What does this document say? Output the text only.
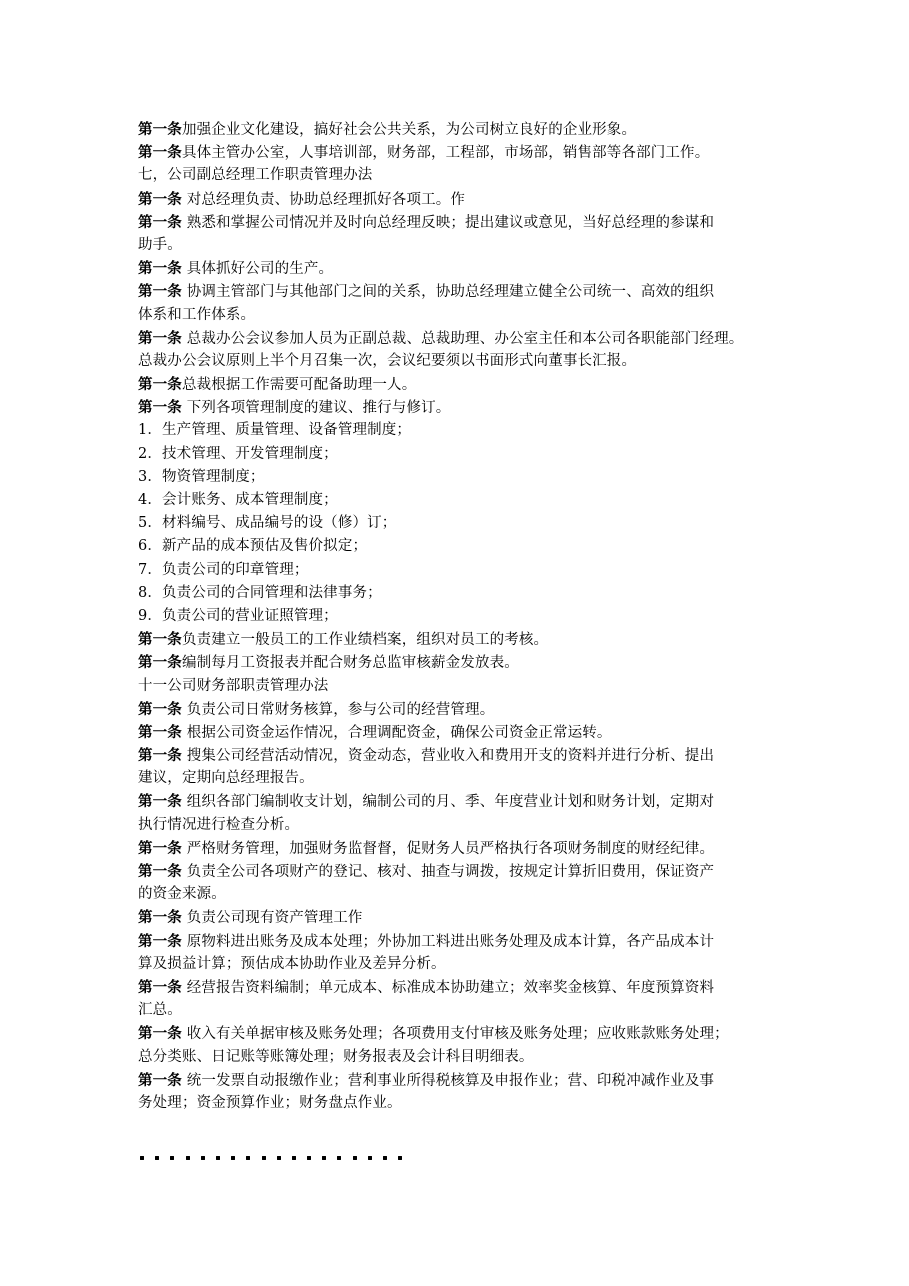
第一条加强企业文化建设，搞好社会公共关系，为公司树立良好的企业形象。
第一条具体主管办公室，人事培训部，财务部，工程部，市场部，销售部等各部门工作。
七，公司副总经理工作职责管理办法
第一条 对总经理负责、协助总经理抓好各项工。作
第一条 熟悉和掌握公司情况并及时向总经理反映；提出建议或意见，当好总经理的参谋和
助手。
第一条 具体抓好公司的生产。
第一条 协调主管部门与其他部门之间的关系，协助总经理建立健全公司统一、高效的组织
体系和工作体系。
第一条 总裁办公会议参加人员为正副总裁、总裁助理、办公室主任和本公司各职能部门经理。
总裁办公会议原则上半个月召集一次，会议纪要须以书面形式向董事长汇报。
第一条总裁根据工作需要可配备助理一人。
第一条 下列各项管理制度的建议、推行与修订。
1．生产管理、质量管理、设备管理制度；
2．技术管理、开发管理制度；
3．物资管理制度；
4．会计账务、成本管理制度；
5．材料编号、成品编号的设（修）订；
6．新产品的成本预估及售价拟定；
7．负责公司的印章管理；
8．负责公司的合同管理和法律事务；
9．负责公司的营业证照管理；
第一条负责建立一般员工的工作业绩档案，组织对员工的考核。
第一条编制每月工资报表并配合财务总监审核薪金发放表。
十一公司财务部职责管理办法
第一条 负责公司日常财务核算，参与公司的经营管理。
第一条 根据公司资金运作情况，合理调配资金，确保公司资金正常运转。
第一条 搜集公司经营活动情况，资金动态，营业收入和费用开支的资料并进行分析、提出
建议，定期向总经理报告。
第一条 组织各部门编制收支计划，编制公司的月、季、年度营业计划和财务计划，定期对
执行情况进行检查分析。
第一条 严格财务管理，加强财务监督督，促财务人员严格执行各项财务制度的财经纪律。
第一条 负责全公司各项财产的登记、核对、抽查与调拨，按规定计算折旧费用，保证资产
的资金来源。
第一条 负责公司现有资产管理工作
第一条 原物料进出账务及成本处理；外协加工料进出账务处理及成本计算，各产品成本计
算及损益计算；预估成本协助作业及差异分析。
第一条 经营报告资料编制；单元成本、标准成本协助建立；效率奖金核算、年度预算资料
汇总。
第一条 收入有关单据审核及账务处理；各项费用支付审核及账务处理；应收账款账务处理；
总分类账、日记账等账簿处理；财务报表及会计科目明细表。
第一条 统一发票自动报缴作业；营利事业所得税核算及申报作业；营、印税冲减作业及事
务处理；资金预算作业；财务盘点作业。
